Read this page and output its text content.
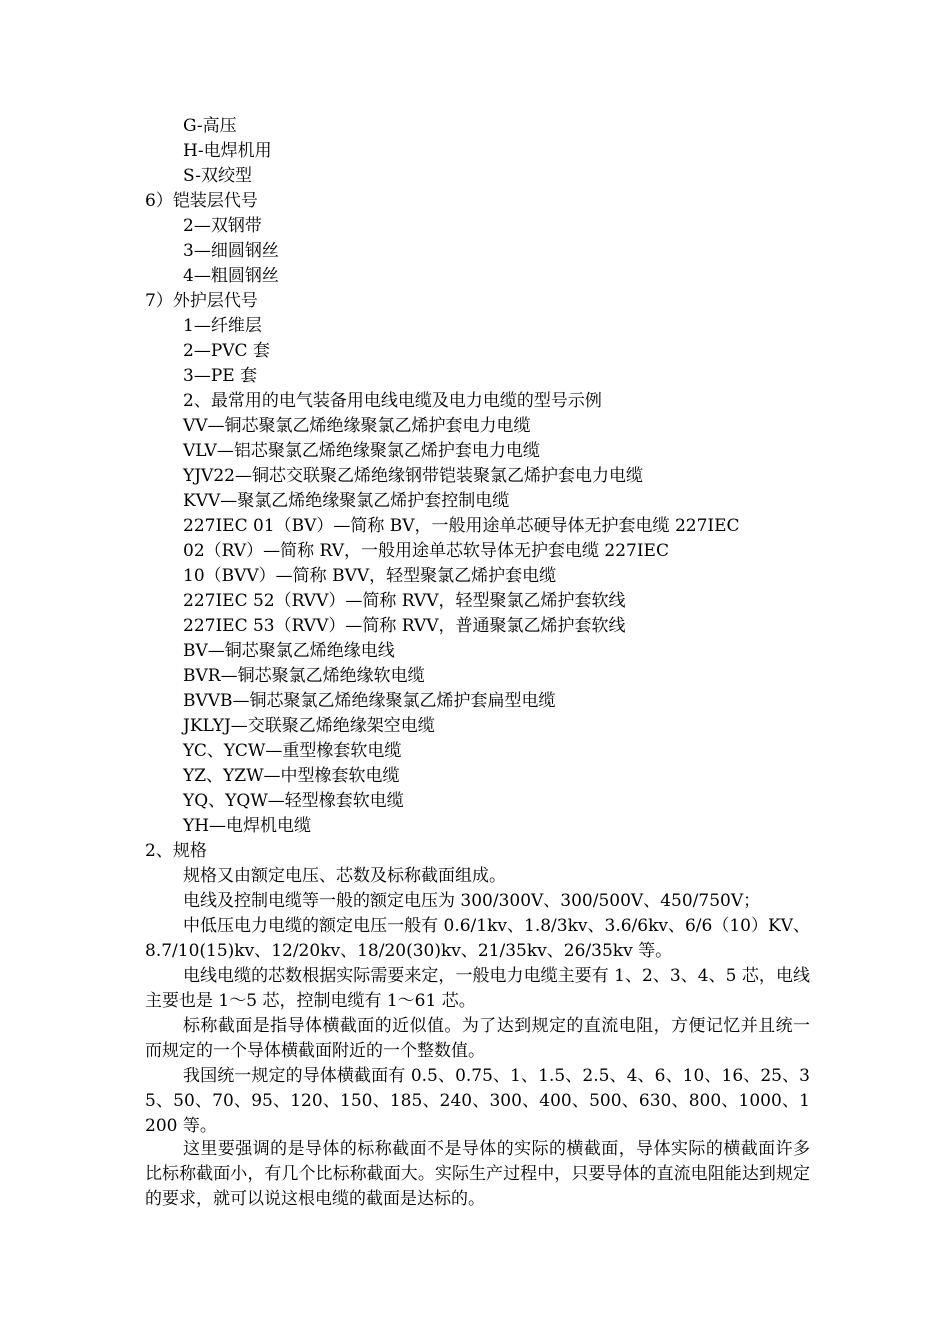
G-高压
H-电焊机用
S-双绞型
6）铠装层代号
2—双钢带
3—细圆钢丝
4—粗圆钢丝
7）外护层代号
1—纤维层
2—PVC 套
3—PE 套
2、最常用的电气装备用电线电缆及电力电缆的型号示例
VV—铜芯聚氯乙烯绝缘聚氯乙烯护套电力电缆
VLV—铝芯聚氯乙烯绝缘聚氯乙烯护套电力电缆
YJV22—铜芯交联聚乙烯绝缘钢带铠装聚氯乙烯护套电力电缆
KVV—聚氯乙烯绝缘聚氯乙烯护套控制电缆
227IEC 01（BV）—简称 BV，一般用途单芯硬导体无护套电缆 227IEC
02（RV）—简称 RV，一般用途单芯软导体无护套电缆 227IEC
10（BVV）—简称 BVV，轻型聚氯乙烯护套电缆
227IEC 52（RVV）—简称 RVV，轻型聚氯乙烯护套软线
227IEC 53（RVV）—简称 RVV，普通聚氯乙烯护套软线
BV—铜芯聚氯乙烯绝缘电线
BVR—铜芯聚氯乙烯绝缘软电缆
BVVB—铜芯聚氯乙烯绝缘聚氯乙烯护套扁型电缆
JKLYJ—交联聚乙烯绝缘架空电缆
YC、YCW—重型橡套软电缆
YZ、YZW—中型橡套软电缆
YQ、YQW—轻型橡套软电缆
YH—电焊机电缆
2、规格
规格又由额定电压、芯数及标称截面组成。
电线及控制电缆等一般的额定电压为 300/300V、300/500V、450/750V；
中低压电力电缆的额定电压一般有 0.6/1kv、1.8/3kv、3.6/6kv、6/6（10）KV、8.7/10(15)kv、12/20kv、18/20(30)kv、21/35kv、26/35kv 等。
电线电缆的芯数根据实际需要来定，一般电力电缆主要有 1、2、3、4、5 芯，电线主要也是 1～5 芯，控制电缆有 1～61 芯。
标称截面是指导体横截面的近似值。为了达到规定的直流电阻，方便记忆并且统一而规定的一个导体横截面附近的一个整数值。
我国统一规定的导体横截面有 0.5、0.75、1、1.5、2.5、4、6、10、16、25、35、50、70、95、120、150、185、240、300、400、500、630、800、1000、1200 等。
这里要强调的是导体的标称截面不是导体的实际的横截面，导体实际的横截面许多比标称截面小，有几个比标称截面大。实际生产过程中，只要导体的直流电阻能达到规定的要求，就可以说这根电缆的截面是达标的。
